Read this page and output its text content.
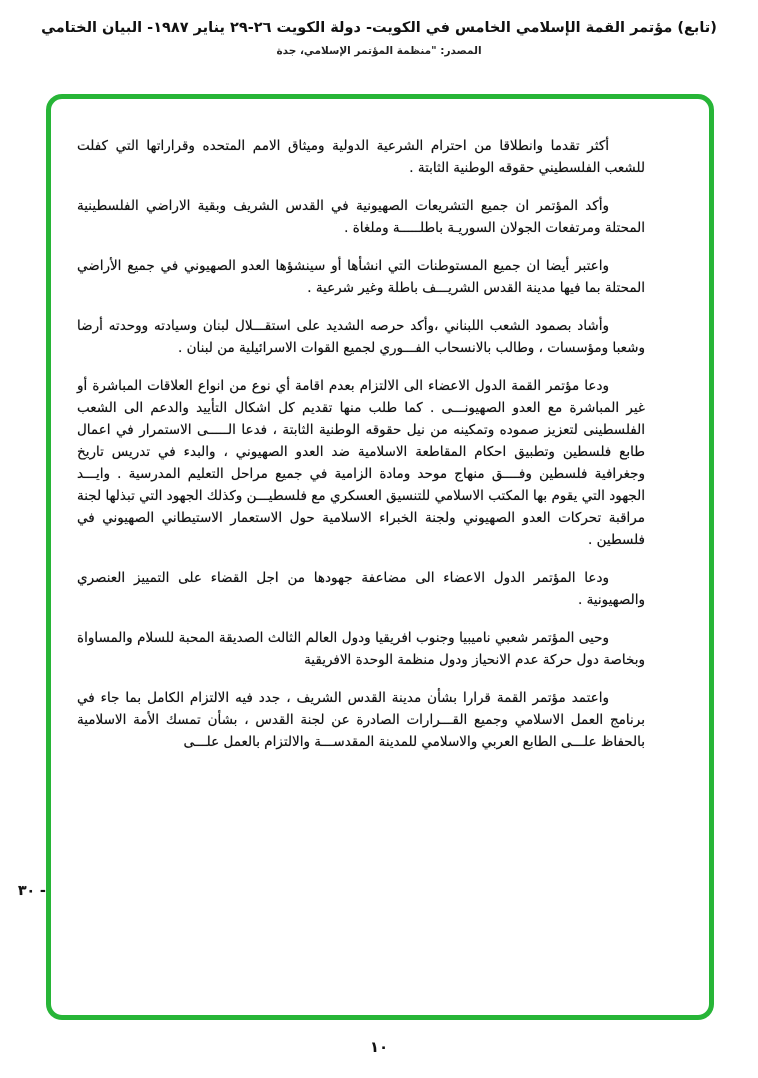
(تابع) مؤتمر القمة الإسلامي الخامس في الكويت- دولة الكويت ٢٦-٢٩ يناير ١٩٨٧- البيان الختامي
المصدر: "منظمة المؤتمر الإسلامي، جدة

أكثر تقدما وانطلاقا من احترام الشرعية الدولية وميثاق الامم المتحده وقراراتها التي كفلت للشعب الفلسطيني حقوقه الوطنية الثابتة .

وأكد المؤتمر ان جميع التشريعات الصهيونية في القدس الشريف وبقية الاراضي الفلسطينية المحتلة ومرتفعات الجولان السوريـة باطلـــــة وملغاة .

واعتبر أيضا ان جميع المستوطنات التي انشأها أو سينشؤها العدو الصهيوني في جميع الأراضي المحتلة بما فيها مدينة القدس الشريـــف باطلة وغير شرعية .

وأشاد بصمود الشعب اللبناني ،وأكد حرصه الشديد على استقـــلال لبنان وسيادته ووحدته أرضا وشعبا ومؤسسات ، وطالب بالانسحاب الفـــوري لجميع القوات الاسرائيلية من لبنان .

ودعا مؤتمر القمة الدول الاعضاء الى الالتزام بعدم اقامة أي نوع من انواع العلاقات المباشرة أو غير المباشرة مع العدو الصهيونـــى . كما طلب منها تقديم كل اشكال التأييد والدعم الى الشعب الفلسطينى لتعزيز صموده وتمكينه من نيل حقوقه الوطنية الثابتة ، فدعا الـــــى الاستمرار في اعمال طابع فلسطين وتطبيق احكام المقاطعة الاسلامية ضد العدو الصهيوني ، والبدء في تدريس تاريخ وجغرافية فلسطين وفــــق منهاج موحد ومادة الزامية في جميع مراحل التعليم المدرسية . وايـــد الجهود التي يقوم بها المكتب الاسلامي للتنسيق العسكري مع فلسطيـــن وكذلك الجهود التي تبذلها لجنة مراقبة تحركات العدو الصهيوني ولجنة الخبراء الاسلامية حول الاستعمار الاستيطاني الصهيوني في فلسطين .

ودعا المؤتمر الدول الاعضاء الى مضاعفة جهودها من اجل القضاء على التمييز العنصري والصهيونية .

وحيى المؤتمر شعبي ناميبيا وجنوب افريقيا ودول العالم الثالث الصديقة المحبة للسلام والمساواة وبخاصة دول حركة عدم الانحياز ودول منظمة الوحدة الافريقية

واعتمد مؤتمر القمة قرارا بشأن مدينة القدس الشريف ، جدد فيه الالتزام الكامل بما جاء في برنامج العمل الاسلامي وجميع القـــرارات الصادرة عن لجنة القدس ، بشأن تمسك الأمة الاسلامية بالحفاظ علـــى الطابع العربي والاسلامي للمدينة المقدســـة والالتزام بالعمل علـــى

٣٠ -
١٠
